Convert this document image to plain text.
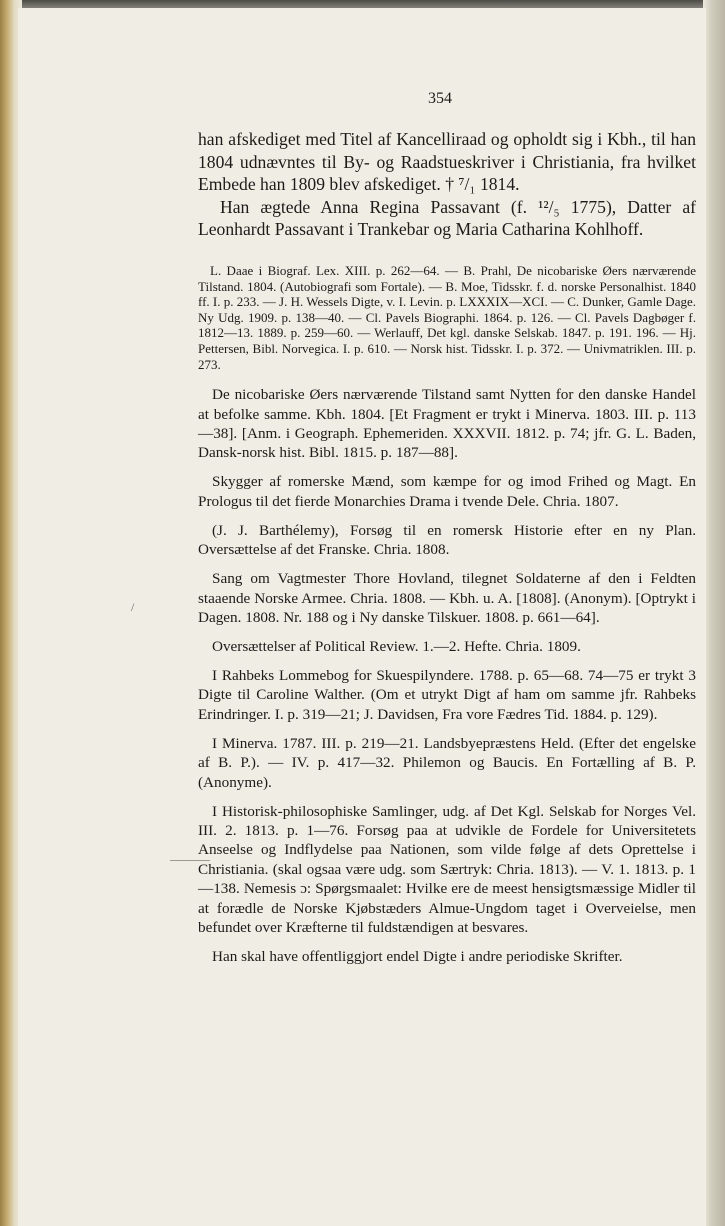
354
/

han afskediget med Titel af Kancelliraad og opholdt sig i Kbh., til han 1804 udnævntes til By- og Raadstueskriver i Christiania, fra hvilket Embede han 1809 blev afskediget. † ⁷/₁ 1814.

Han ægtede Anna Regina Passavant (f. ¹²/₅ 1775), Datter af Leonhardt Passavant i Trankebar og Maria Catharina Kohlhoff.

L. Daae i Biograf. Lex. XIII. p. 262—64. — B. Prahl, De nicobariske Øers nærværende Tilstand. 1804. (Autobiografi som Fortale). — B. Moe, Tidsskr. f. d. norske Personalhist. 1840 ff. I. p. 233. — J. H. Wessels Digte, v. I. Levin. p. LXXXIX—XCI. — C. Dunker, Gamle Dage. Ny Udg. 1909. p. 138—40. — Cl. Pavels Biographi. 1864. p. 126. — Cl. Pavels Dagbøger f. 1812—13. 1889. p. 259—60. — Werlauff, Det kgl. danske Selskab. 1847. p. 191. 196. — Hj. Pettersen, Bibl. Norvegica. I. p. 610. — Norsk hist. Tidsskr. I. p. 372. — Univmatriklen. III. p. 273.

De nicobariske Øers nærværende Tilstand samt Nytten for den danske Handel at befolke samme. Kbh. 1804. [Et Fragment er trykt i Minerva. 1803. III. p. 113—38]. [Anm. i Geograph. Ephemeriden. XXXVII. 1812. p. 74; jfr. G. L. Baden, Dansk-norsk hist. Bibl. 1815. p. 187—88].

Skygger af romerske Mænd, som kæmpe for og imod Frihed og Magt. En Prologus til det fierde Monarchies Drama i tvende Dele. Chria. 1807.

(J. J. Barthélemy), Forsøg til en romersk Historie efter en ny Plan. Oversættelse af det Franske. Chria. 1808.

Sang om Vagtmester Thore Hovland, tilegnet Soldaterne af den i Feldten staaende Norske Armee. Chria. 1808. — Kbh. u. A. [1808]. (Anonym). [Optrykt i Dagen. 1808. Nr. 188 og i Ny danske Tilskuer. 1808. p. 661—64].

Oversættelser af Political Review. 1.—2. Hefte. Chria. 1809.

I Rahbeks Lommebog for Skuespilyndere. 1788. p. 65—68. 74—75 er trykt 3 Digte til Caroline Walther. (Om et utrykt Digt af ham om samme jfr. Rahbeks Erindringer. I. p. 319—21; J. Davidsen, Fra vore Fædres Tid. 1884. p. 129).

I Minerva. 1787. III. p. 219—21. Landsbyepræstens Held. (Efter det engelske af B. P.). — IV. p. 417—32. Philemon og Baucis. En Fortælling af B. P. (Anonyme).

I Historisk-philosophiske Samlinger, udg. af Det Kgl. Selskab for Norges Vel. III. 2. 1813. p. 1—76. Forsøg paa at udvikle de Fordele for Universitetets Anseelse og Indflydelse paa Nationen, som vilde følge af dets Oprettelse i Christiania. (skal ogsaa være udg. som Særtryk: Chria. 1813). — V. 1. 1813. p. 1—138. Nemesis ɔ: Spørgsmaalet: Hvilke ere de meest hensigtsmæssige Midler til at forædle de Norske Kjøbstæders Almue-Ungdom taget i Overveielse, men befundet over Kræfterne til fuldstændigen at besvares.

Han skal have offentliggjort endel Digte i andre periodiske Skrifter.
